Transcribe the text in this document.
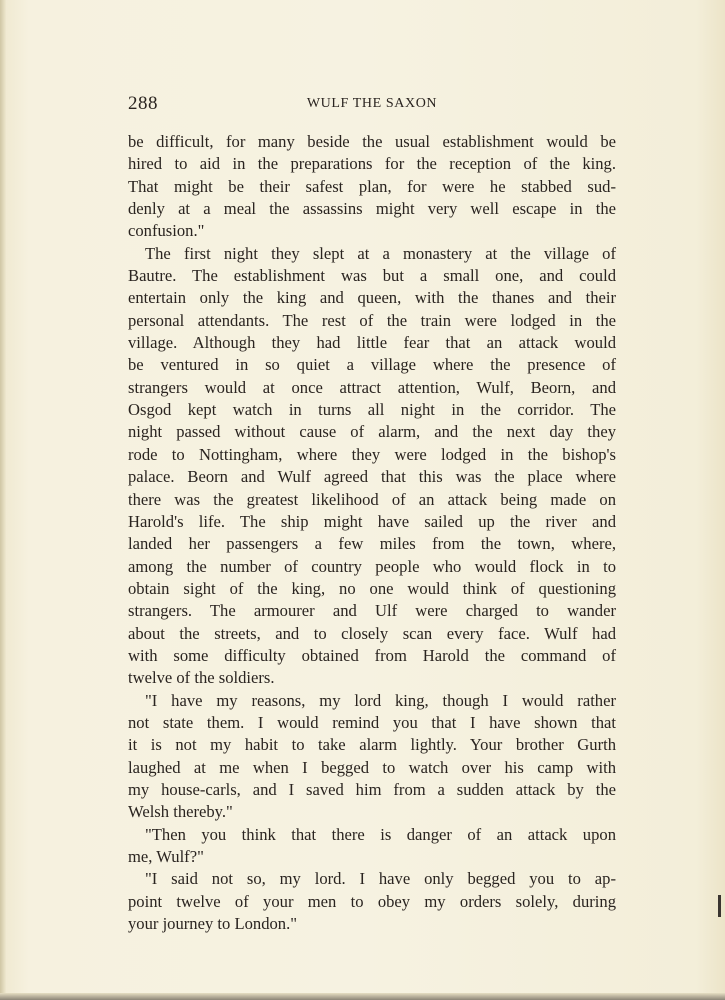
288	WULF THE SAXON
be difficult, for many beside the usual establishment would be
hired to aid in the preparations for the reception of the king.
That might be their safest plan, for were he stabbed sud-
denly at a meal the assassins might very well escape in the
confusion."
The first night they slept at a monastery at the village of
Bautre. The establishment was but a small one, and could
entertain only the king and queen, with the thanes and their
personal attendants. The rest of the train were lodged in the
village. Although they had little fear that an attack would
be ventured in so quiet a village where the presence of
strangers would at once attract attention, Wulf, Beorn, and
Osgod kept watch in turns all night in the corridor. The
night passed without cause of alarm, and the next day they
rode to Nottingham, where they were lodged in the bishop's
palace. Beorn and Wulf agreed that this was the place where
there was the greatest likelihood of an attack being made on
Harold's life. The ship might have sailed up the river and
landed her passengers a few miles from the town, where,
among the number of country people who would flock in to
obtain sight of the king, no one would think of questioning
strangers. The armourer and Ulf were charged to wander
about the streets, and to closely scan every face. Wulf had
with some difficulty obtained from Harold the command of
twelve of the soldiers.
"I have my reasons, my lord king, though I would rather
not state them. I would remind you that I have shown that
it is not my habit to take alarm lightly. Your brother Gurth
laughed at me when I begged to watch over his camp with
my house-carls, and I saved him from a sudden attack by the
Welsh thereby."
"Then you think that there is danger of an attack upon
me, Wulf?"
"I said not so, my lord. I have only begged you to ap-
point twelve of your men to obey my orders solely, during
your journey to London."
